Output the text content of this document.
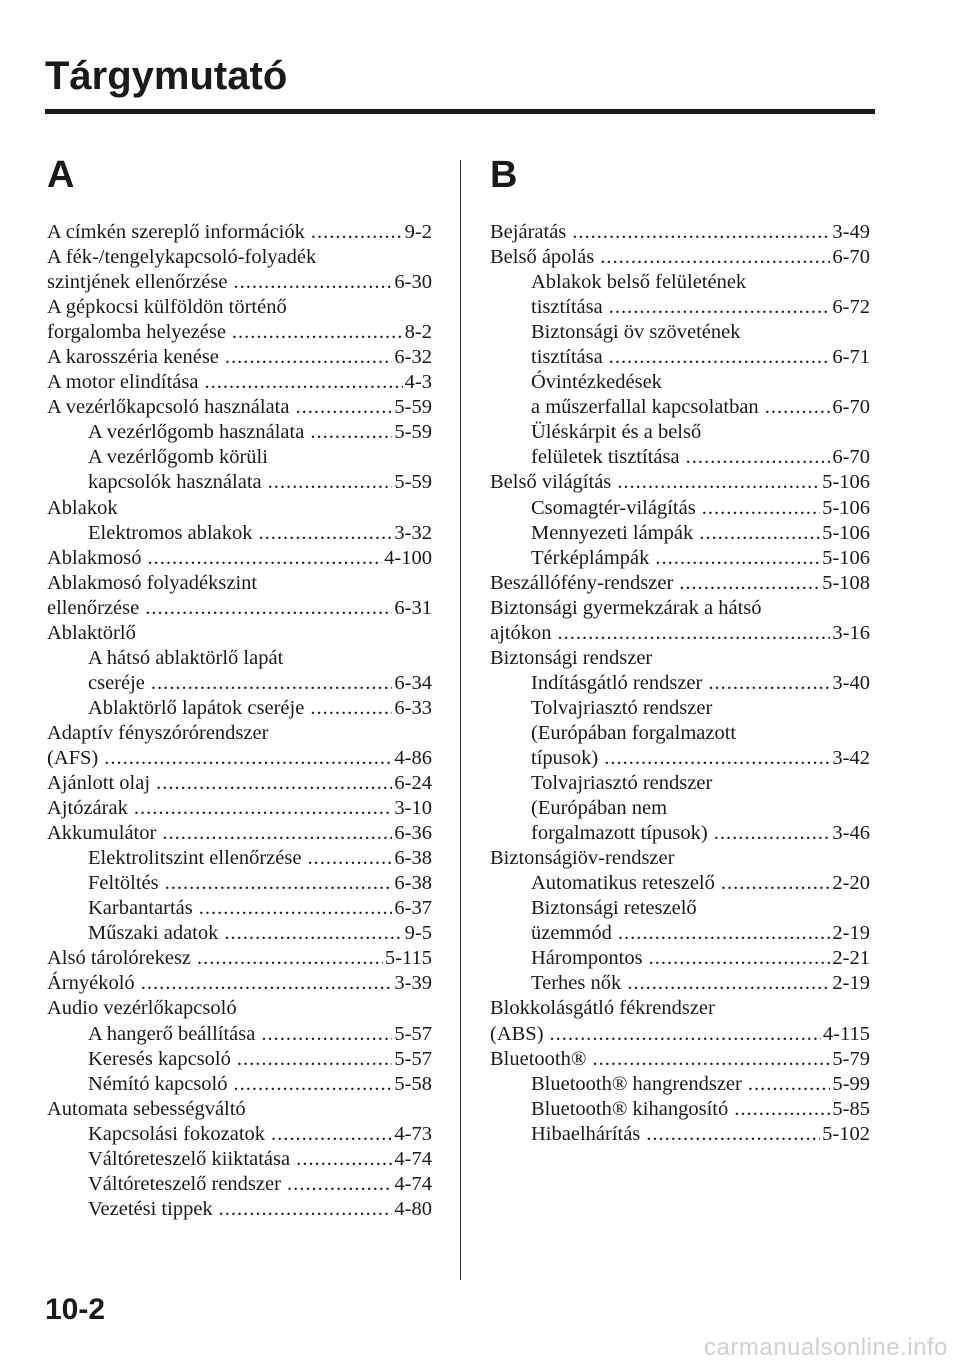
Tárgymutató
A
A címkén szereplő információk .....	9-2
A fék-/tengelykapcsoló-folyadék
szintjének ellenőrzése .....	6-30
A gépkocsi külföldön történő
forgalomba helyezése .....	8-2
A karosszéria kenése .....	6-32
A motor elindítása .....	4-3
A vezérlőkapcsoló használata .....	5-59
A vezérlőgomb használata .....	5-59
A vezérlőgomb körüli
kapcsolók használata .....	5-59
Ablakok
Elektromos ablakok .....	3-32
Ablakmosó .....	4-100
Ablakmosó folyadékszint
ellenőrzése .....	6-31
Ablaktörlő
A hátsó ablaktörlő lapát
cseréje .....	6-34
Ablaktörlő lapátok cseréje .....	6-33
Adaptív fényszórórendszer
(AFS) .....	4-86
Ajánlott olaj .....	6-24
Ajtózárak .....	3-10
Akkumulátor .....	6-36
Elektrolitszint ellenőrzése .....	6-38
Feltöltés .....	6-38
Karbantartás .....	6-37
Műszaki adatok .....	9-5
Alsó tárolórekesz .....	5-115
Árnyékoló .....	3-39
Audio vezérlőkapcsoló
A hangerő beállítása .....	5-57
Keresés kapcsoló .....	5-57
Némító kapcsoló .....	5-58
Automata sebességváltó
Kapcsolási fokozatok .....	4-73
Váltóreteszelő kiiktatása .....	4-74
Váltóreteszelő rendszer .....	4-74
Vezetési tippek .....	4-80
B
Bejáratás .....	3-49
Belső ápolás .....	6-70
Ablakok belső felületének
tisztítása .....	6-72
Biztonsági öv szövetének
tisztítása .....	6-71
Óvintézkedések
a műszerfallal kapcsolatban .....	6-70
Üléskárpit és a belső
felületek tisztítása .....	6-70
Belső világítás .....	5-106
Csomagtér-világítás .....	5-106
Mennyezeti lámpák .....	5-106
Térképlámpák .....	5-106
Beszállófény-rendszer .....	5-108
Biztonsági gyermekzárak a hátsó
ajtókon .....	3-16
Biztonsági rendszer
Indításgátló rendszer .....	3-40
Tolvajriasztó rendszer
(Európában forgalmazott
típusok) .....	3-42
Tolvajriasztó rendszer
(Európában nem
forgalmazott típusok) .....	3-46
Biztonságiöv-rendszer
Automatikus reteszelő .....	2-20
Biztonsági reteszelő
üzemmód .....	2-19
Hárompontos .....	2-21
Terhes nők .....	2-19
Blokkolásgátló fékrendszer
(ABS) .....	4-115
Bluetooth® .....	5-79
Bluetooth® hangrendszer .....	5-99
Bluetooth® kihangosító .....	5-85
Hibaelhárítás .....	5-102
10-2
carmanualsonline.info
